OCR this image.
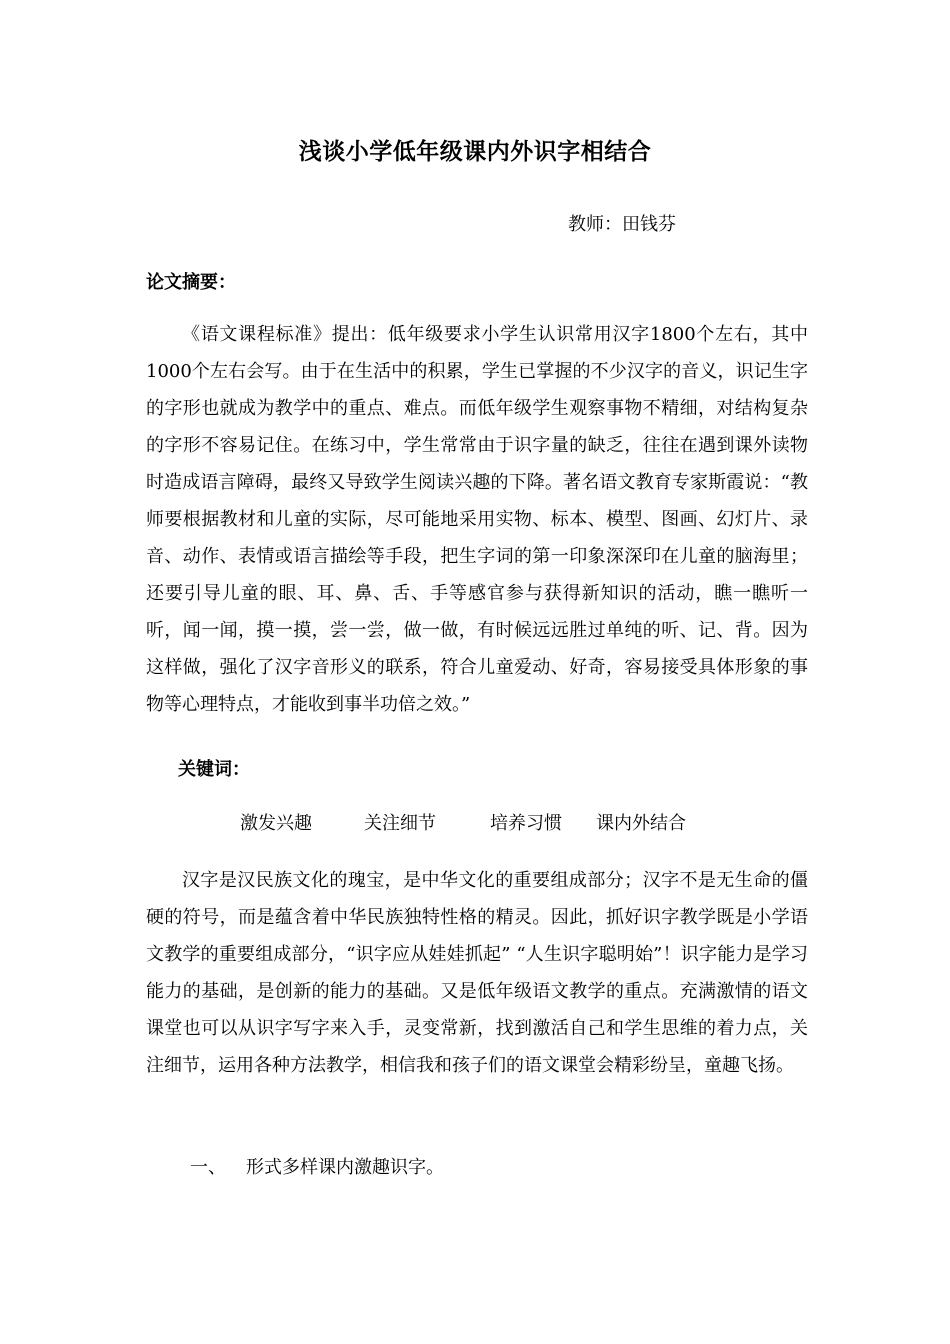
浅谈小学低年级课内外识字相结合
教师：田钱芬
论文摘要：

《语文课程标准》提出：低年级要求小学生认识常用汉字1800个左右，其中1000个左右会写。由于在生活中的积累，学生已掌握的不少汉字的音义，识记生字的字形也就成为教学中的重点、难点。而低年级学生观察事物不精细，对结构复杂的字形不容易记住。在练习中，学生常常由于识字量的缺乏，往往在遇到课外读物时造成语言障碍，最终又导致学生阅读兴趣的下降。著名语文教育专家斯霞说：“教师要根据教材和儿童的实际，尽可能地采用实物、标本、模型、图画、幻灯片、录音、动作、表情或语言描绘等手段，把生字词的第一印象深深印在儿童的脑海里；还要引导儿童的眼、耳、鼻、舌、手等感官参与获得新知识的活动，瞧一瞧听一听，闻一闻，摸一摸，尝一尝，做一做，有时候远远胜过单纯的听、记、背。因为这样做，强化了汉字音形义的联系，符合儿童爱动、好奇，容易接受具体形象的事物等心理特点，才能收到事半功倍之效。”

关键词：
激发兴趣	关注细节	培养习惯 课内外结合

汉字是汉民族文化的瑰宝，是中华文化的重要组成部分；汉字不是无生命的僵硬的符号，而是蕴含着中华民族独特性格的精灵。因此，抓好识字教学既是小学语文教学的重要组成部分，“识字应从娃娃抓起” “人生识字聪明始”！识字能力是学习能力的基础，是创新的能力的基础。又是低年级语文教学的重点。充满激情的语文课堂也可以从识字写字来入手，灵变常新，找到激活自己和学生思维的着力点，关注细节，运用各种方法教学，相信我和孩子们的语文课堂会精彩纷呈，童趣飞扬。

一、 形式多样课内激趣识字。
